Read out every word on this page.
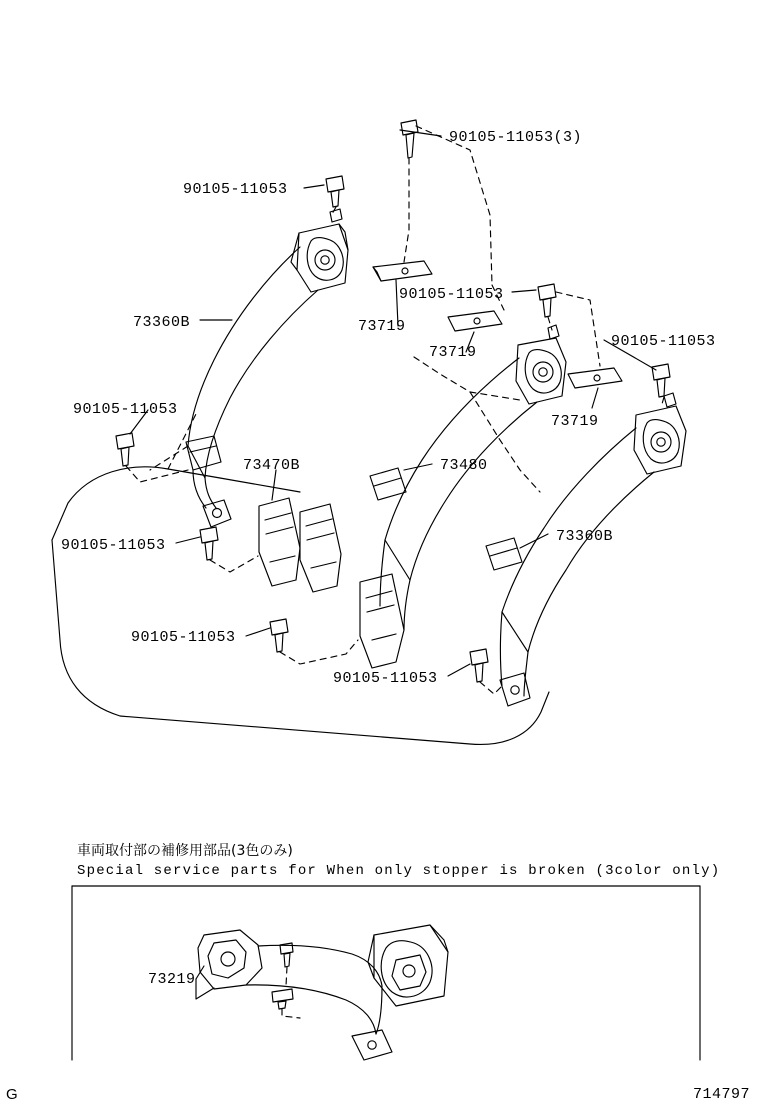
90105-11053(3)
90105-11053
73360B
90105-11053
73719
73719
90105-11053
73719
90105-11053
73470B	73480
73360B
90105-11053
90105-11053
90105-11053
車両取付部の補修用部品(3色のみ)
Special service parts for When only stopper is broken (3color only)
73219
G	714797
